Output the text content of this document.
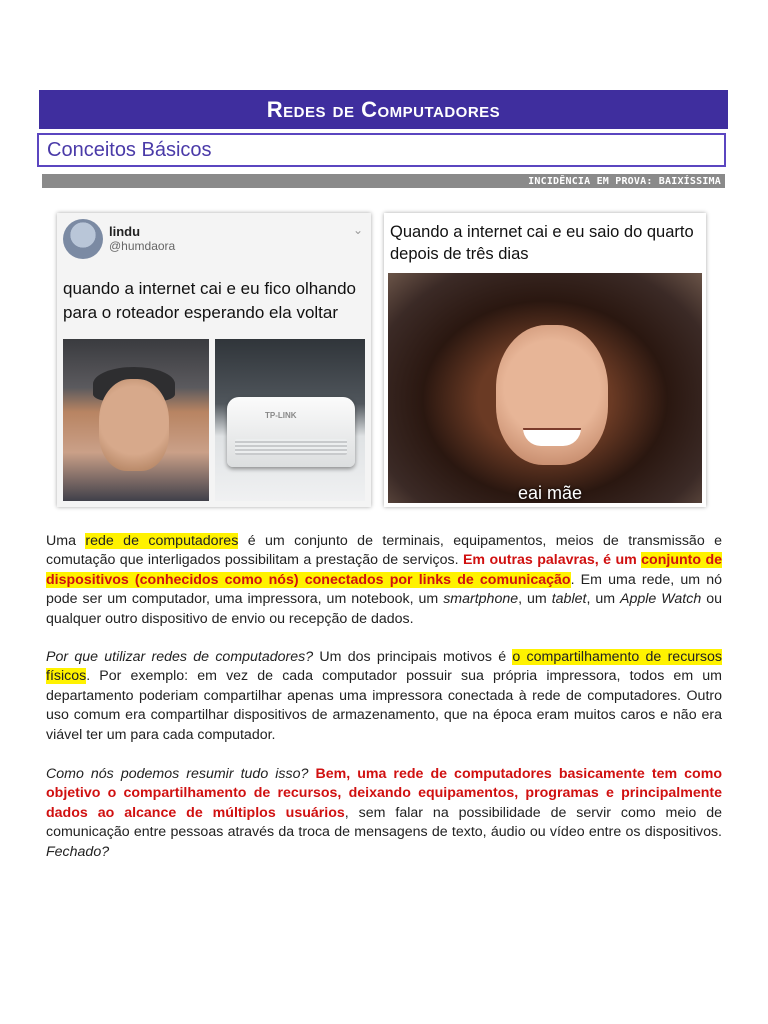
Redes de Computadores
Conceitos Básicos
INCIDÊNCIA EM PROVA: BAIXÍSSIMA
lindu
@humdaora
⌄
quando a internet cai e eu fico olhando para o roteador esperando ela voltar
TP-LINK
Quando a internet cai e eu saio do quarto depois de três dias
eai mãe
Uma rede de computadores é um conjunto de terminais, equipamentos, meios de transmissão e comutação que interligados possibilitam a prestação de serviços. Em outras palavras, é um conjunto de dispositivos (conhecidos como nós) conectados por links de comunicação. Em uma rede, um nó pode ser um computador, uma impressora, um notebook, um smartphone, um tablet, um Apple Watch ou qualquer outro dispositivo de envio ou recepção de dados.
Por que utilizar redes de computadores? Um dos principais motivos é o compartilhamento de recursos físicos. Por exemplo: em vez de cada computador possuir sua própria impressora, todos em um departamento poderiam compartilhar apenas uma impressora conectada à rede de computadores. Outro uso comum era compartilhar dispositivos de armazenamento, que na época eram muitos caros e não era viável ter um para cada computador.
Como nós podemos resumir tudo isso? Bem, uma rede de computadores basicamente tem como objetivo o compartilhamento de recursos, deixando equipamentos, programas e principalmente dados ao alcance de múltiplos usuários, sem falar na possibilidade de servir como meio de comunicação entre pessoas através da troca de mensagens de texto, áudio ou vídeo entre os dispositivos. Fechado?
